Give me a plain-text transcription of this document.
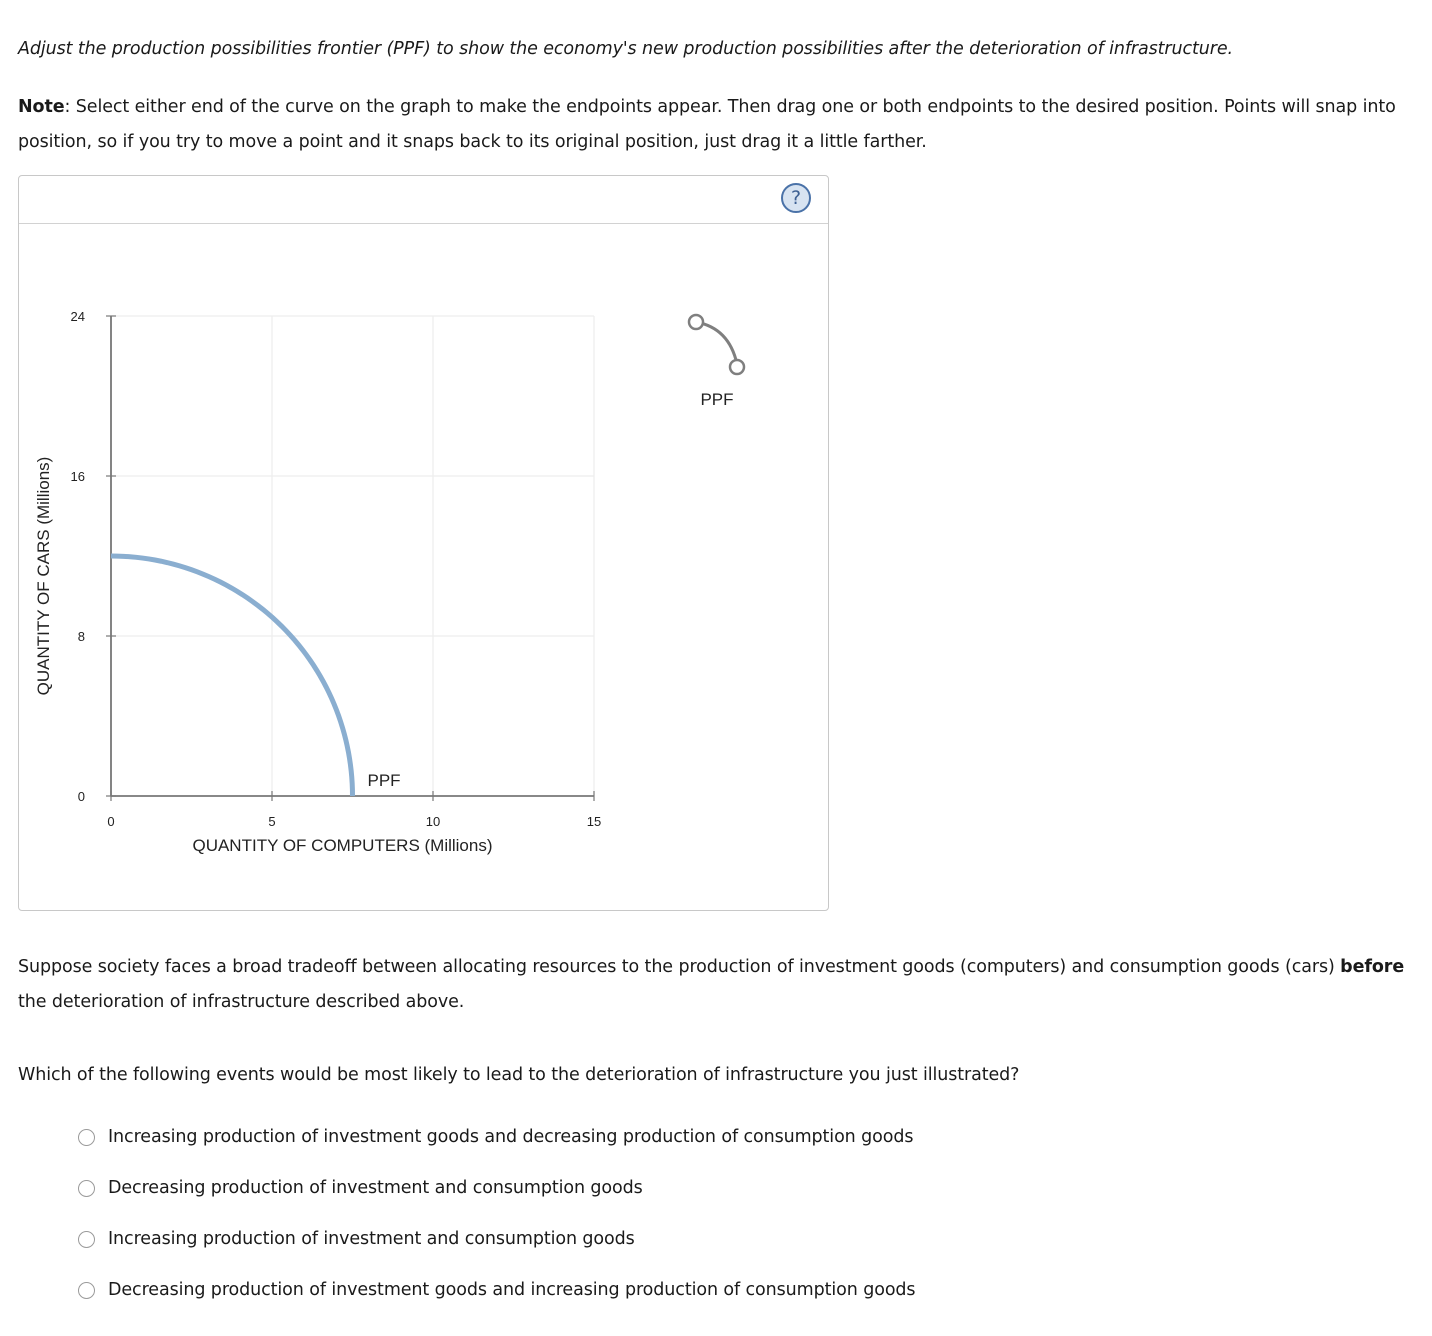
Adjust the production possibilities frontier (PPF) to show the economy's new production possibilities after the deterioration of infrastructure.
Note: Select either end of the curve on the graph to make the endpoints appear. Then drag one or both endpoints to the desired position. Points will snap into position, so if you try to move a point and it snaps back to its original position, just drag it a little farther.
?
0	5	10	15
0
8
16
24
PPF
QUANTITY OF COMPUTERS (Millions)
QUANTITY OF CARS (Millions)
PPF
Suppose society faces a broad tradeoff between allocating resources to the production of investment goods (computers) and consumption goods (cars) before the deterioration of infrastructure described above.
Which of the following events would be most likely to lead to the deterioration of infrastructure you just illustrated?
Increasing production of investment goods and decreasing production of consumption goods
Decreasing production of investment and consumption goods
Increasing production of investment and consumption goods
Decreasing production of investment goods and increasing production of consumption goods
